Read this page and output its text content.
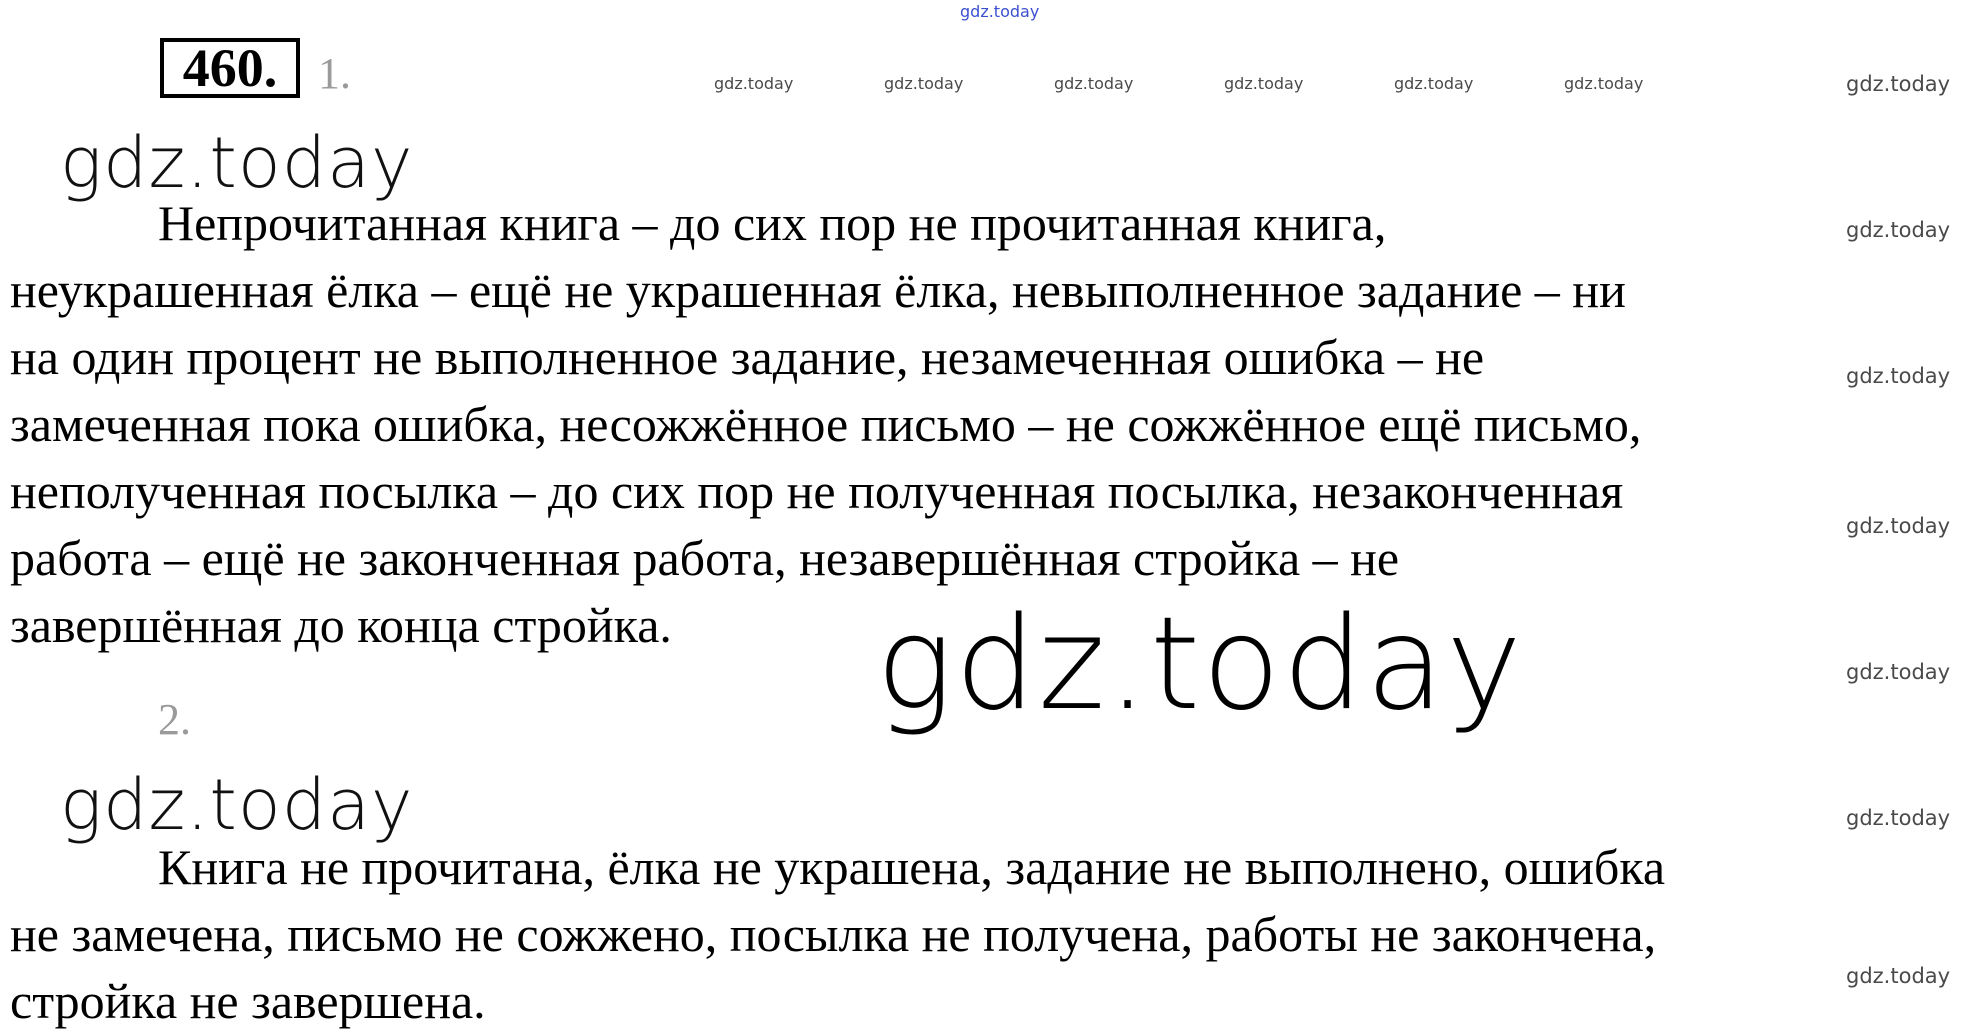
gdz.today
460. 1.	gdz.today	gdz.today	gdz.today	gdz.today	gdz.today	gdz.today	gdz.today
gdz.today
gdz.today
gdz.today
gdz.today
gdz.today
gdz.today
gdz.today
gdz.today
Непрочитанная книга – до сих пор не прочитанная книга,
неукрашенная ёлка – ещё не украшенная ёлка, невыполненное задание – ни
на один процент не выполненное задание, незамеченная ошибка – не
замеченная пока ошибка, несожжённое письмо – не сожжённое ещё письмо,
неполученная посылка – до сих пор не полученная посылка, незаконченная
работа – ещё не законченная работа, незавершённая стройка – не
завершённая до конца стройка.	gdz.today
2.
Книга не прочитана, ёлка не украшена, задание не выполнено, ошибка
не замечена, письмо не сожжено, посылка не получена, работы не закончена,
стройка не завершена.
